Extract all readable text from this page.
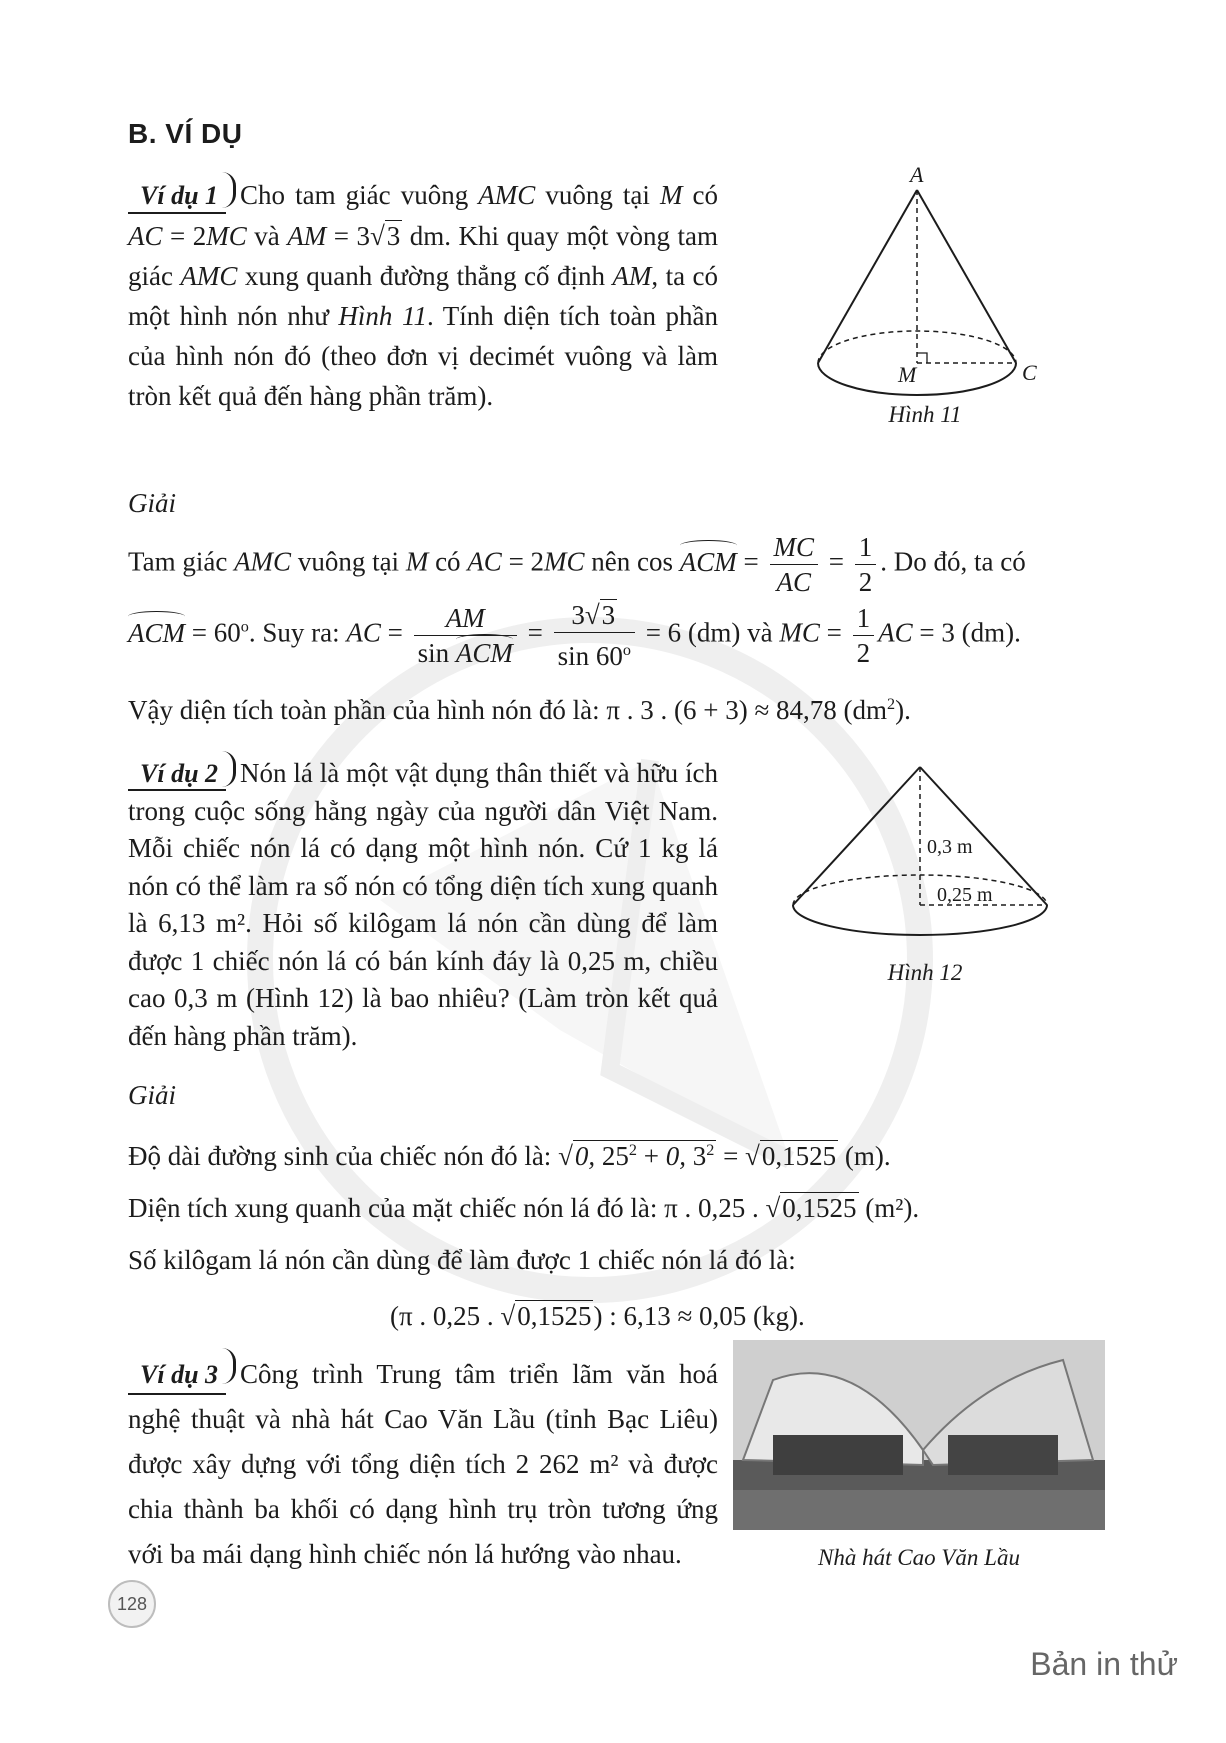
B. VÍ DỤ
Ví dụ 1 Cho tam giác vuông AMC vuông tại M có AC = 2MC và AM = 3√3 dm. Khi quay một vòng tam giác AMC xung quanh đường thẳng cố định AM, ta có một hình nón như Hình 11. Tính diện tích toàn phần của hình nón đó (theo đơn vị decimét vuông và làm tròn kết quả đến hàng phần trăm).
A
M	C
Hình 11
Giải
Tam giác AMC vuông tại M có AC = 2MC nên cos ACM = $\frac{MC}{AC} = \frac{1}{2}$ . Do đó, ta có
ACM = $60^o$. Suy ra: AC = $\frac{AM}{\text{sin ACM}} = \frac{3√3}{\sin 60^o} = 6$ (dm) và MC = $\frac{1}{2}$ AC = 3 (dm).
Vậy diện tích toàn phần của hình nón đó là: π . 3 . (6 + 3) ≈ 84,78 $(dm^2)$.
Ví dụ 2 Nón lá là một vật dụng thân thiết và hữu ích trong cuộc sống hằng ngày của người dân Việt Nam. Mỗi chiếc nón lá có dạng một hình nón. Cứ 1 kg lá nón có thể làm ra số nón có tổng diện tích xung quanh là 6,13 m². Hỏi số kilôgam lá nón cần dùng để làm được 1 chiếc nón lá có bán kính đáy là 0,25 m, chiều cao 0,3 m (Hình 12) là bao nhiêu? (Làm tròn kết quả đến hàng phần trăm).
0,3 m
0,25 m
Hình 12
Giải
Độ dài đường sinh của chiếc nón đó là: √0, $25^2 + 0$, $3^2 = √0,1525$ (m).
Diện tích xung quanh của mặt chiếc nón lá đó là: π . 0,25 . √0,1525 (m²).
Số kilôgam lá nón cần dùng để làm được 1 chiếc nón lá đó là:
(π . 0,25 . √0,1525) : 6,13 ≈ 0,05 (kg).
Ví dụ 3 Công trình Trung tâm triển lãm văn hoá nghệ thuật và nhà hát Cao Văn Lầu (tỉnh Bạc Liêu) được xây dựng với tổng diện tích 2 262 m² và được chia thành ba khối có dạng hình trụ tròn tương ứng với ba mái dạng hình chiếc nón lá hướng vào nhau.	Nhà hát Cao Văn Lầu
128
Bản in thử
